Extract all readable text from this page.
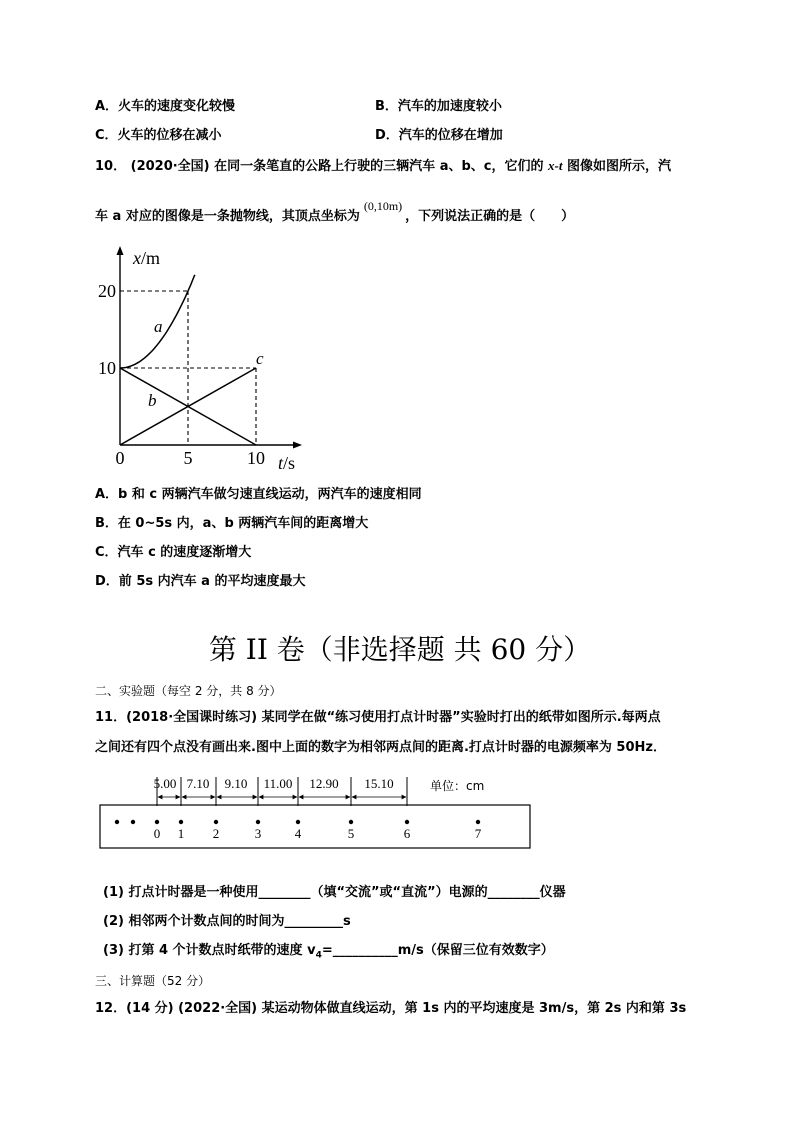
A．火车的速度变化较慢	B．汽车的加速度较小
C．火车的位移在减小	D．汽车的位移在增加
10． (2020·全国) 在同一条笔直的公路上行驶的三辆汽车 a、b、c，它们的 x-t 图像如图所示，汽
车 a 对应的图像是一条抛物线，其顶点坐标为(0,10m)，下列说法正确的是（　　）
x/m
t/s
20
10
0	5	10
a
b
c
A．b 和 c 两辆汽车做匀速直线运动，两汽车的速度相同
B．在 0~5s 内，a、b 两辆汽车间的距离增大
C．汽车 c 的速度逐渐增大
D．前 5s 内汽车 a 的平均速度最大
第 II 卷（非选择题 共 60 分）
二、实验题（每空 2 分，共 8 分）
11．(2018·全国课时练习) 某同学在做“练习使用打点计时器”实验时打出的纸带如图所示.每两点
之间还有四个点没有画出来.图中上面的数字为相邻两点间的距离.打点计时器的电源频率为 50Hz．
5.00 7.10 9.10 11.00 12.90 15.10	单位：cm
0 1 2	3	4	5	6	7
(1) 打点计时器是一种使用________（填“交流”或“直流”）电源的________仪器
(2) 相邻两个计数点间的时间为_________s
(3) 打第 4 个计数点时纸带的速度 $v_4=\_\_\_\_\_\_\_\_\_\_m/s$（保留三位有效数字）
三、计算题（52 分）
12．(14 分) (2022·全国) 某运动物体做直线运动，第 1s 内的平均速度是 3m/s，第 2s 内和第 3s
